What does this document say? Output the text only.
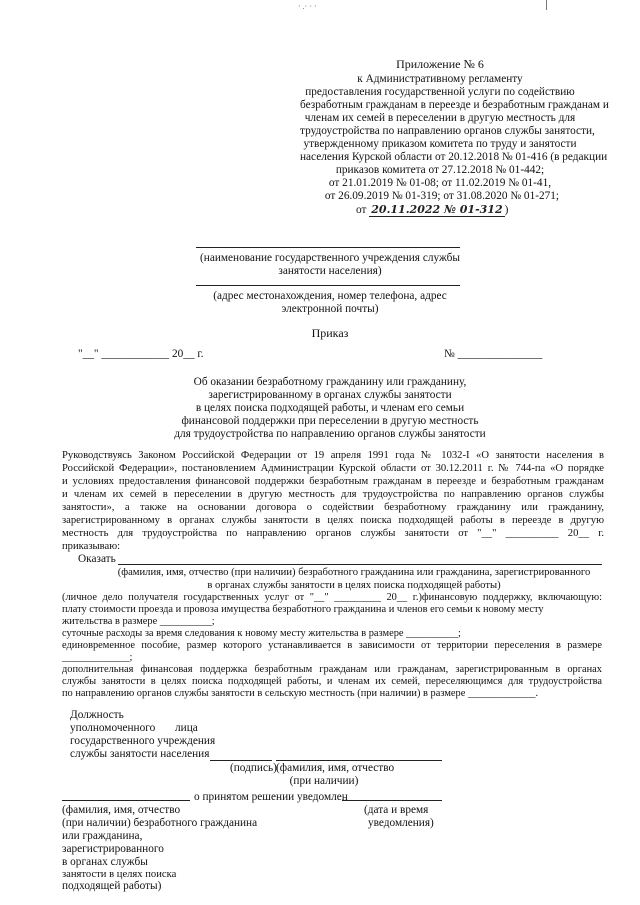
· .· · ·
Приложение № 6
к Административному регламенту
предоставления государственной услуги по содействию
безработным гражданам в переезде и безработным гражданам и
членам их семей в переселении в другую местность для
трудоустройства по направлению органов службы занятости,
утвержденному приказом комитета по труду и занятости
населения Курской области от 20.12.2018 № 01-416 (в редакции
приказов комитета от 27.12.2018 № 01-442;
от 21.01.2019 № 01-08; от 11.02.2019 № 01-41,
от 26.09.2019 № 01-319; от 31.08.2020 № 01-271;
от 20.11.2022 № 01-312 )
(наименование государственного учреждения службы
занятости населения)
(адрес местонахождения, номер телефона, адрес
электронной почты)
Приказ
"__" ____________ 20__ г.	№ _______________
Об оказании безработному гражданину или гражданину,
зарегистрированному в органах службы занятости
в целях поиска подходящей работы, и членам его семьи
финансовой поддержки при переселении в другую местность
для трудоустройства по направлению органов службы занятости
Руководствуясь Законом Российской Федерации от 19 апреля 1991 года № 1032-I «О занятости населения в
Российской Федерации», постановлением Администрации Курской области от 30.12.2011 г. № 744-па «О порядке
и условиях предоставления финансовой поддержки безработным гражданам в переезде и безработным гражданам
и членам их семей в переселении в другую местность для трудоустройства по направлению органов службы
занятости», а также на основании договора о содействии безработному гражданину или гражданину,
зарегистрированному в органах службы занятости в целях поиска подходящей работы в переезде в другую
местность для трудоустройства по направлению органов службы занятости от "__" __________ 20__ г.
приказываю:
Оказать
(фамилия, имя, отчество (при наличии) безработного гражданина или гражданина, зарегистрированного
в органах службы занятости в целях поиска подходящей работы)
(личное дело получателя государственных услуг от "__" _________ 20__ г.)финансовую поддержку, включающую:
плату стоимости проезда и провоза имущества безработного гражданина и членов его семьи к новому месту
жительства в размере __________;
суточные расходы за время следования к новому месту жительства в размере __________;
единовременное пособие, размер которого устанавливается в зависимости от территории переселения в размере
_____________;
дополнительная финансовая поддержка безработным гражданам или гражданам, зарегистрированным в органах
службы занятости в целях поиска подходящей работы, и членам их семей, переселяющимся для трудоустройства
по направлению органов службы занятости в сельскую местность (при наличии) в размере _____________.
Должность
уполномоченного       лица
государственного учреждения
службы занятости населения
(подпись) (фамилия, имя, отчество
(при наличии)
о принятом решении уведомлен
(фамилия, имя, отчество
(при наличии) безработного гражданина
или гражданина,
зарегистрированного
в органах службы
занятости в целях поиска
подходящей работы)
(дата и время
уведомления)
